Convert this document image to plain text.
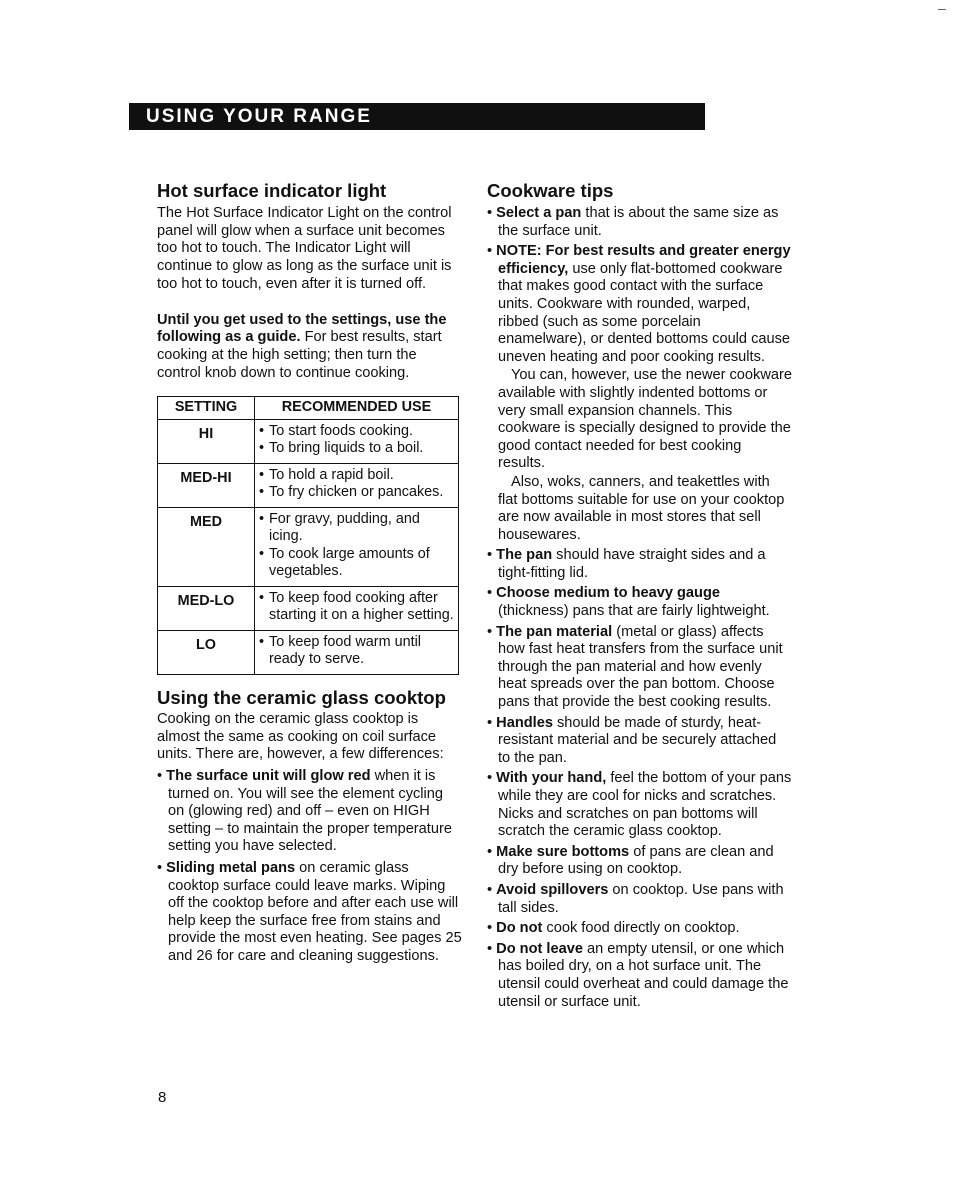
–
USING YOUR RANGE
Hot surface indicator light

The Hot Surface Indicator Light on the control panel will glow when a surface unit becomes too hot to touch. The Indicator Light will continue to glow as long as the surface unit is too hot to touch, even after it is turned off.

Until you get used to the settings, use the following as a guide. For best results, start cooking at the high setting; then turn the control knob down to continue cooking.

SETTING	RECOMMENDED USE
HI	• To start foods cooking.
• To bring liquids to a boil.

MED-HI	• To hold a rapid boil.
• To fry chicken or pancakes.

MED	• For gravy, pudding, and icing.
• To cook large amounts of vegetables.

MED-LO	• To keep food cooking after starting it on a higher setting.

LO	• To keep food warm until ready to serve.
Using the ceramic glass cooktop

Cooking on the ceramic glass cooktop is almost the same as cooking on coil surface units. There are, however, a few differences:

• The surface unit will glow red when it is turned on. You will see the element cycling on (glowing red) and off – even on HIGH setting – to maintain the proper temperature setting you have selected.
• Sliding metal pans on ceramic glass cooktop surface could leave marks. Wiping off the cooktop before and after each use will help keep the surface free from stains and provide the most even heating. See pages 25 and 26 for care and cleaning suggestions.
Cookware tips
• Select a pan that is about the same size as the surface unit.
• NOTE: For best results and greater energy efficiency, use only flat-bottomed cookware that makes good contact with the surface units. Cookware with rounded, warped, ribbed (such as some porcelain enamelware), or dented bottoms could cause uneven heating and poor cooking results.
You can, however, use the newer cookware available with slightly indented bottoms or very small expansion channels. This cookware is specially designed to provide the good contact needed for best cooking results.
Also, woks, canners, and teakettles with flat bottoms suitable for use on your cooktop are now available in most stores that sell housewares.
• The pan should have straight sides and a tight-fitting lid.
• Choose medium to heavy gauge (thickness) pans that are fairly lightweight.
• The pan material (metal or glass) affects how fast heat transfers from the surface unit through the pan material and how evenly heat spreads over the pan bottom. Choose pans that provide the best cooking results.
• Handles should be made of sturdy, heat-resistant material and be securely attached to the pan.
• With your hand, feel the bottom of your pans while they are cool for nicks and scratches. Nicks and scratches on pan bottoms will scratch the ceramic glass cooktop.
• Make sure bottoms of pans are clean and dry before using on cooktop.
• Avoid spillovers on cooktop. Use pans with tall sides.
• Do not cook food directly on cooktop.
• Do not leave an empty utensil, or one which has boiled dry, on a hot surface unit. The utensil could overheat and could damage the utensil or surface unit.
8
